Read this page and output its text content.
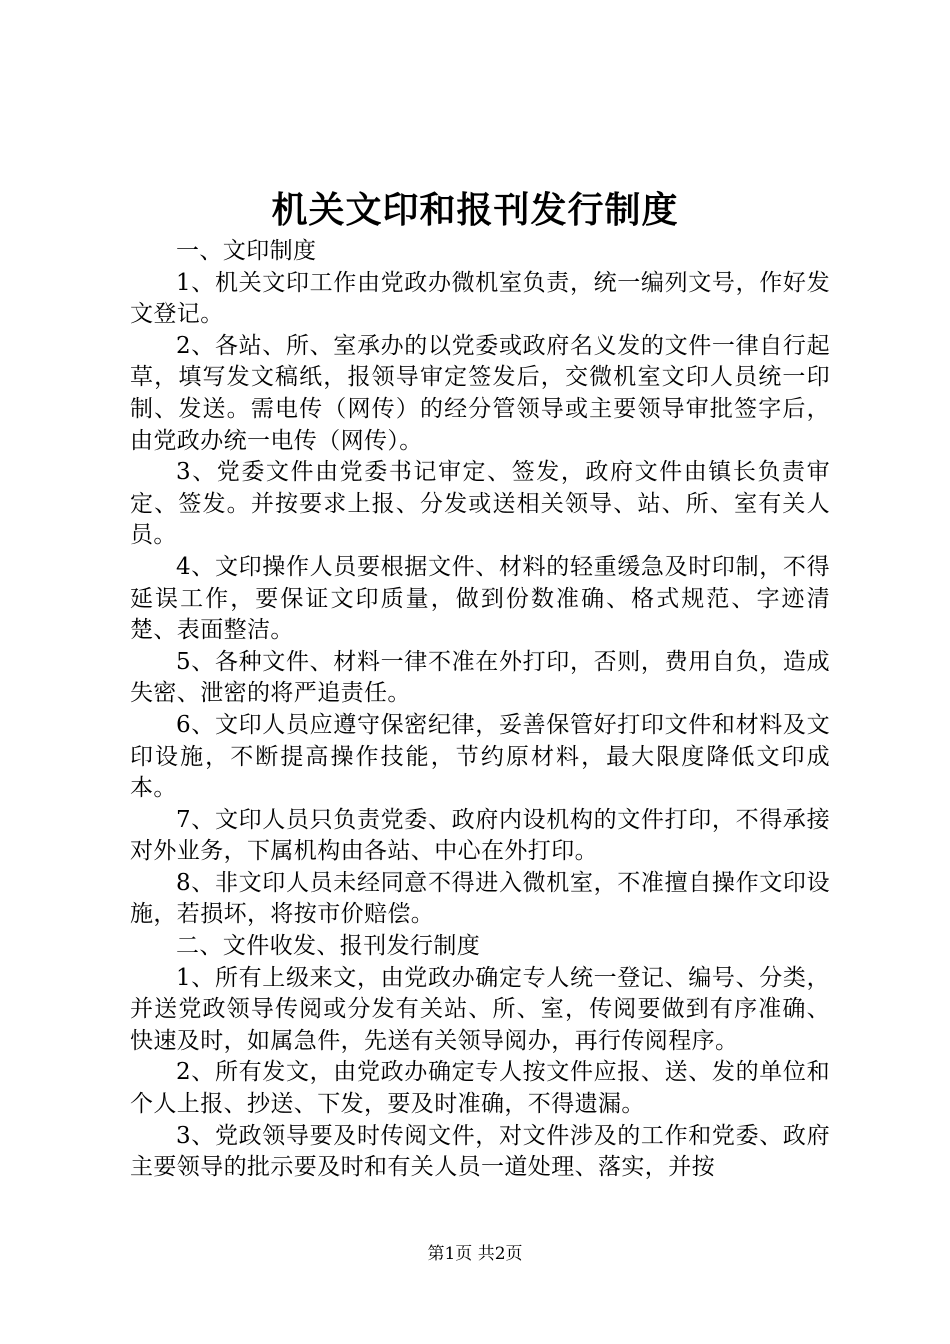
机关文印和报刊发行制度

一、文印制度

1、机关文印工作由党政办微机室负责，统一编列文号，作好发文登记。

2、各站、所、室承办的以党委或政府名义发的文件一律自行起草，填写发文稿纸，报领导审定签发后，交微机室文印人员统一印制、发送。需电传（网传）的经分管领导或主要领导审批签字后，由党政办统一电传（网传）。

3、党委文件由党委书记审定、签发，政府文件由镇长负责审定、签发。并按要求上报、分发或送相关领导、站、所、室有关人员。

4、文印操作人员要根据文件、材料的轻重缓急及时印制，不得延误工作，要保证文印质量，做到份数准确、格式规范、字迹清楚、表面整洁。

5、各种文件、材料一律不准在外打印，否则，费用自负，造成失密、泄密的将严追责任。

6、文印人员应遵守保密纪律，妥善保管好打印文件和材料及文印设施，不断提高操作技能，节约原材料，最大限度降低文印成本。

7、文印人员只负责党委、政府内设机构的文件打印，不得承接对外业务，下属机构由各站、中心在外打印。

8、非文印人员未经同意不得进入微机室，不准擅自操作文印设施，若损坏，将按市价赔偿。

二、文件收发、报刊发行制度

1、所有上级来文，由党政办确定专人统一登记、编号、分类，并送党政领导传阅或分发有关站、所、室，传阅要做到有序准确、快速及时，如属急件，先送有关领导阅办，再行传阅程序。

2、所有发文，由党政办确定专人按文件应报、送、发的单位和个人上报、抄送、下发，要及时准确，不得遗漏。

3、党政领导要及时传阅文件，对文件涉及的工作和党委、政府主要领导的批示要及时和有关人员一道处理、落实，并按

第1页 共2页
